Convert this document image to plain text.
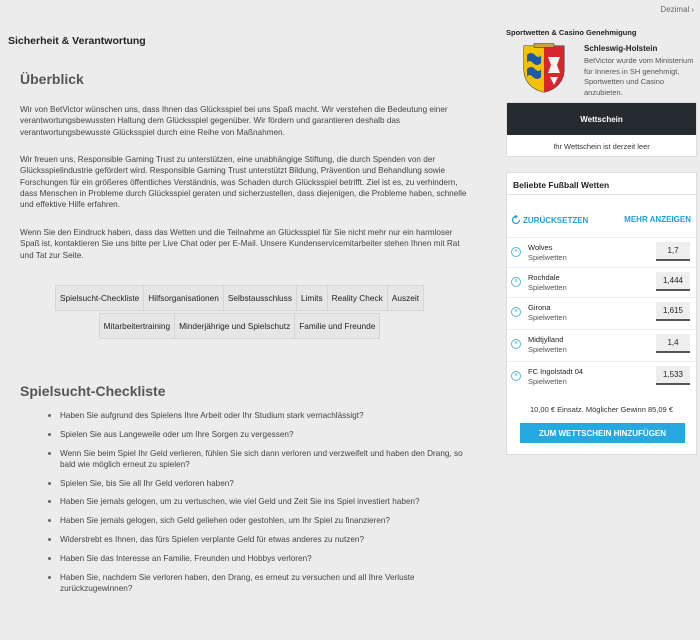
Dezimal ›
Sicherheit & Verantwortung
Überblick

Wir von BetVictor wünschen uns, dass Ihnen das Glücksspiel bei uns Spaß macht. Wir verstehen die Bedeutung einer verantwortungsbewussten Haltung dem Glücksspiel gegenüber. Wir fördern und garantieren deshalb das verantwortungsbewusste Glücksspiel durch eine Reihe von Maßnahmen.

Wir freuen uns, Responsible Gaming Trust zu unterstützen, eine unabhängige Stiftung, die durch Spenden von der Glücksspielindustrie gefördert wird. Responsible Gaming Trust unterstützt Bildung, Prävention und Behandlung sowie Forschungen für ein größeres öffentliches Verständnis, was Schaden durch Glücksspiel betrifft. Ziel ist es, zu verhindern, dass Menschen in Probleme durch Glücksspiel geraten und sicherzustellen, dass diejenigen, die Probleme haben, schnelle und effektive Hilfe erfahren.

Wenn Sie den Eindruck haben, dass das Wetten und die Teilnahme an Glücksspiel für Sie nicht mehr nur ein harmloser Spaß ist, kontaktieren Sie uns bitte per Live Chat oder per E-Mail. Unsere Kundenservicemitarbeiter stehen Ihnen mit Rat und Tat zur Seite.

Spielsucht-Checkliste	Hilfsorganisationen	Selbstausschluss	Limits	Reality Check	Auszeit
Mitarbeitertraining	Minderjährige und Spielschutz	Familie und Freunde
Spielsucht-Checkliste
Haben Sie aufgrund des Spielens Ihre Arbeit oder Ihr Studium stark vernachlässigt?
Spielen Sie aus Langeweile oder um Ihre Sorgen zu vergessen?
Wenn Sie beim Spiel Ihr Geld verlieren, fühlen Sie sich dann verloren und verzweifelt und haben den Drang, so bald wie möglich erneut zu spielen?
Spielen Sie, bis Sie all Ihr Geld verloren haben?
Haben Sie jemals gelogen, um zu vertuschen, wie viel Geld und Zeit Sie ins Spiel investiert haben?
Haben Sie jemals gelogen, sich Geld geliehen oder gestohlen, um Ihr Spiel zu finanzieren?
Widerstrebt es Ihnen, das fürs Spielen verplante Geld für etwas anderes zu nutzen?
Haben Sie das Interesse an Familie, Freunden und Hobbys verloren?
Haben Sie, nachdem Sie verloren haben, den Drang, es erneut zu versuchen und all Ihre Verluste zurückzugewinnen?
Sportwetten & Casino Genehmigung
Schleswig-Holstein
BetVictor wurde vom Ministerium für Inneres in SH genehmigt, Sportwetten und Casino anzubieten.
Wettschein
Ihr Wettschein ist derzeit leer
Beliebte Fußball Wetten
ZURÜCKSETZEN	MEHR ANZEIGEN
×	Wolves
Spielwetten
1,7
×	Rochdale
Spielwetten
1,444
×	Girona
Spielwetten
1,615
×	Midtjylland
Spielwetten
1,4
×	FC Ingolstadt 04
Spielwetten
1,533
10,00 € Einsatz. Möglicher Gewinn 85,09 €
ZUM WETTSCHEIN HINZUFÜGEN
